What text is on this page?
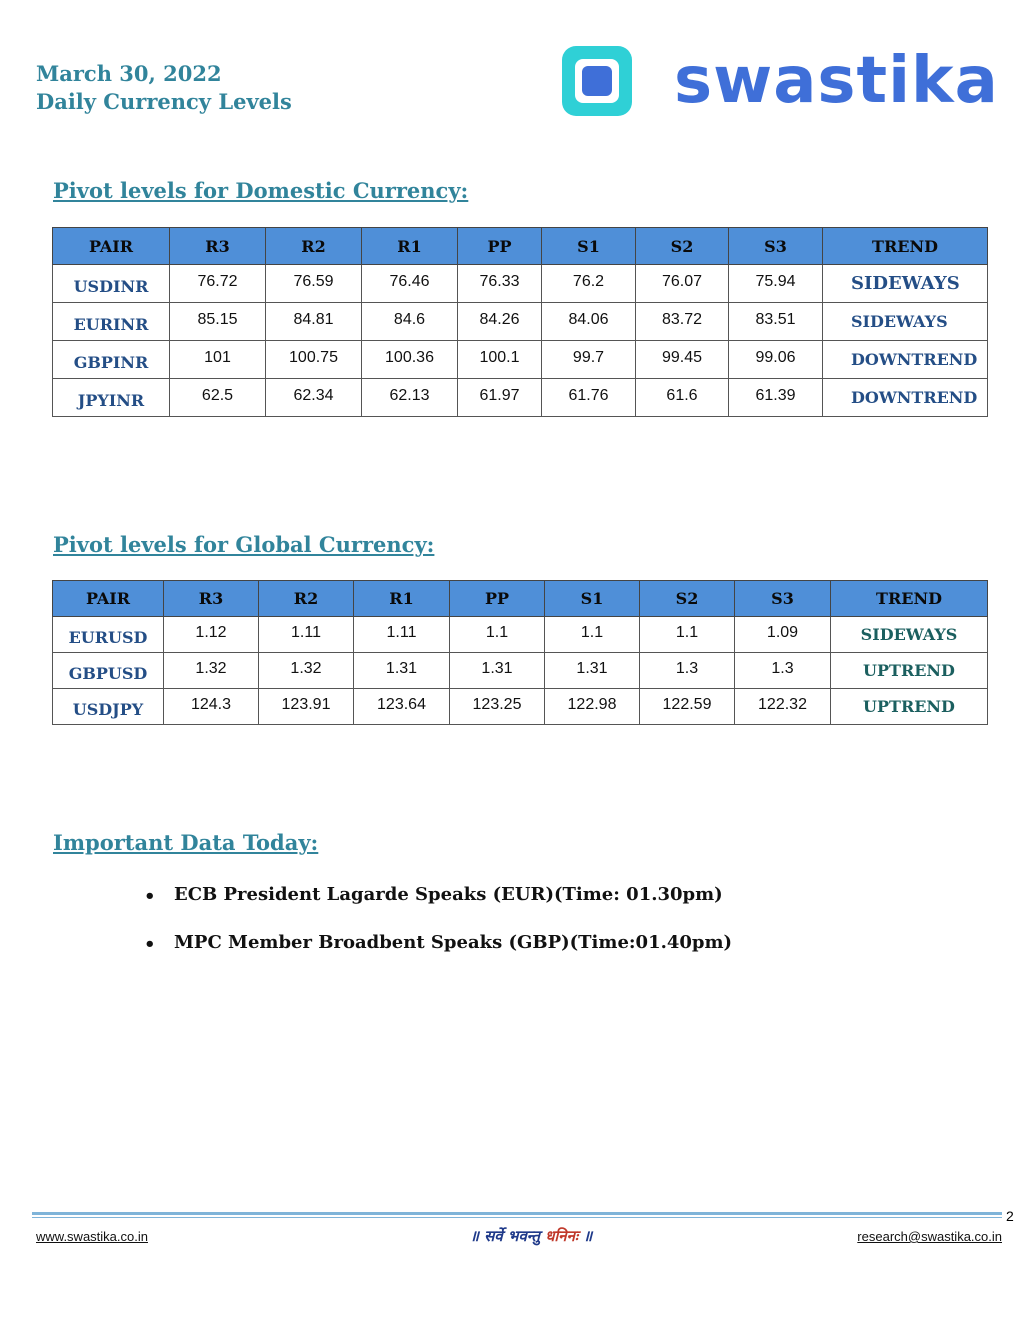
March 30, 2022
Daily Currency Levels	swastika
Pivot levels for Domestic Currency:
PAIR	R3	R2	R1	PP	S1	S2	S3	TREND
USDINR	76.72	76.59	76.46	76.33	76.2	76.07	75.94	SIDEWAYS
EURINR	85.15	84.81	84.6	84.26	84.06	83.72	83.51	SIDEWAYS
GBPINR	101	100.75	100.36	100.1	99.7	99.45	99.06	DOWNTREND
JPYINR	62.5	62.34	62.13	61.97	61.76	61.6	61.39	DOWNTREND
Pivot levels for Global Currency:
PAIR	R3	R2	R1	PP	S1	S2	S3	TREND
EURUSD	1.12	1.11	1.11	1.1	1.1	1.1	1.09	SIDEWAYS
GBPUSD	1.32	1.32	1.31	1.31	1.31	1.3	1.3	UPTREND
USDJPY	124.3	123.91	123.64	123.25	122.98	122.59	122.32	UPTREND
Important Data Today:
• ECB President Lagarde Speaks (EUR)(Time: 01.30pm)
• MPC Member Broadbent Speaks (GBP)(Time:01.40pm)
2
www.swastika.co.in	॥ सर्वे भवन्तु धनिनः ॥	research@swastika.co.in
